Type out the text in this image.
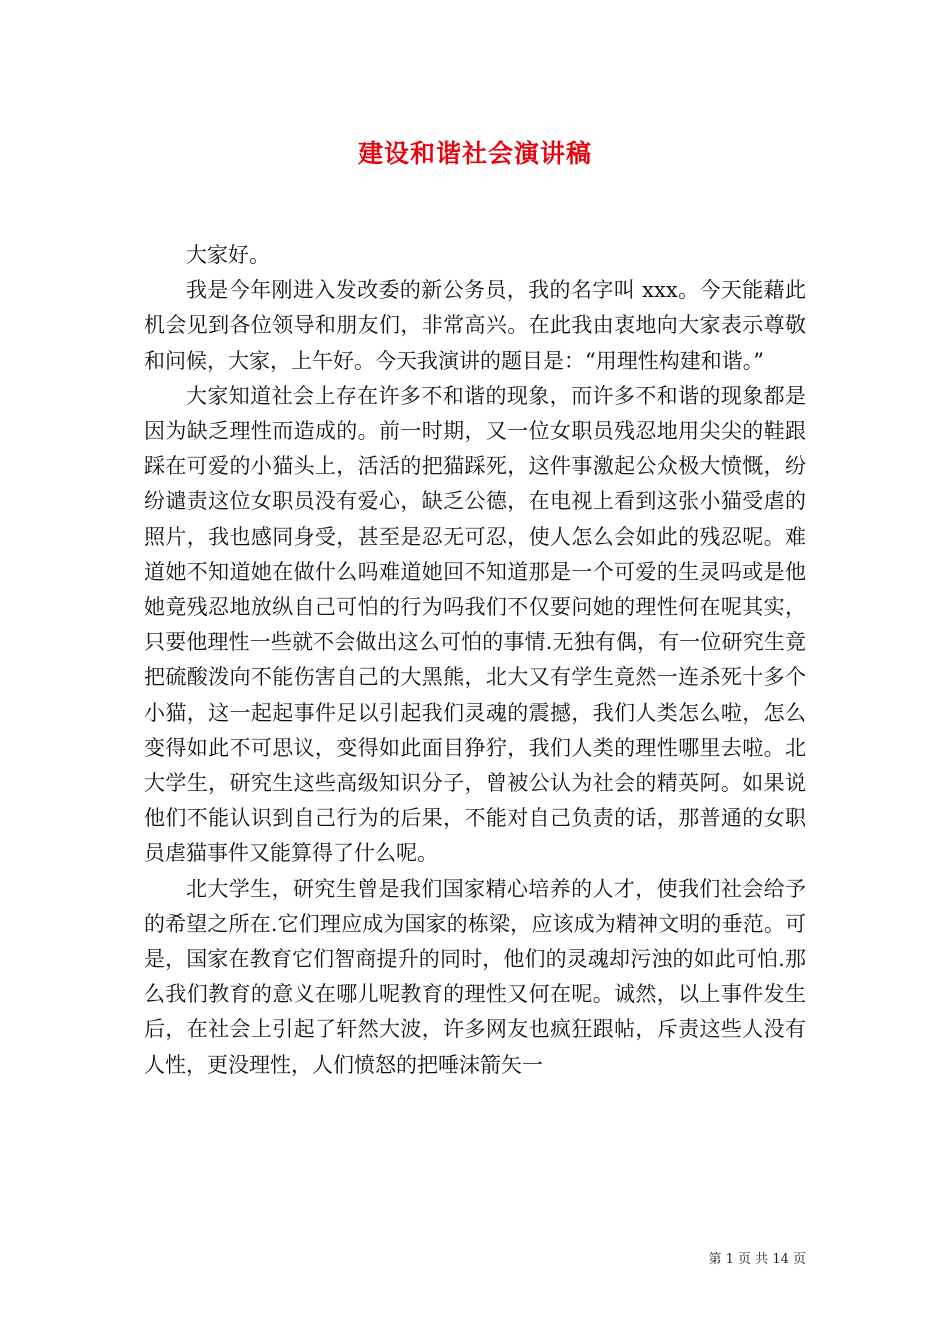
建设和谐社会演讲稿

大家好。

我是今年刚进入发改委的新公务员，我的名字叫 xxx。今天能藉此机会见到各位领导和朋友们，非常高兴。在此我由衷地向大家表示尊敬和问候，大家，上午好。今天我演讲的题目是：“用理性构建和谐。”

大家知道社会上存在许多不和谐的现象，而许多不和谐的现象都是因为缺乏理性而造成的。前一时期，又一位女职员残忍地用尖尖的鞋跟踩在可爱的小猫头上，活活的把猫踩死，这件事激起公众极大愤慨，纷纷谴责这位女职员没有爱心，缺乏公德，在电视上看到这张小猫受虐的照片，我也感同身受，甚至是忍无可忍，使人怎么会如此的残忍呢。难道她不知道她在做什么吗难道她回不知道那是一个可爱的生灵吗或是他她竟残忍地放纵自己可怕的行为吗我们不仅要问她的理性何在呢其实，只要他理性一些就不会做出这么可怕的事情.无独有偶，有一位研究生竟把硫酸泼向不能伤害自己的大黑熊，北大又有学生竟然一连杀死十多个小猫，这一起起事件足以引起我们灵魂的震撼，我们人类怎么啦，怎么变得如此不可思议，变得如此面目狰狞，我们人类的理性哪里去啦。北大学生，研究生这些高级知识分子，曾被公认为社会的精英阿。如果说他们不能认识到自己行为的后果，不能对自己负责的话，那普通的女职员虐猫事件又能算得了什么呢。

北大学生，研究生曾是我们国家精心培养的人才，使我们社会给予的希望之所在.它们理应成为国家的栋梁，应该成为精神文明的垂范。可是，国家在教育它们智商提升的同时，他们的灵魂却污浊的如此可怕.那么我们教育的意义在哪儿呢教育的理性又何在呢。诚然，以上事件发生后，在社会上引起了轩然大波，许多网友也疯狂跟帖，斥责这些人没有人性，更没理性，人们愤怒的把唾沫箭矢一

第 1 页 共 14 页
